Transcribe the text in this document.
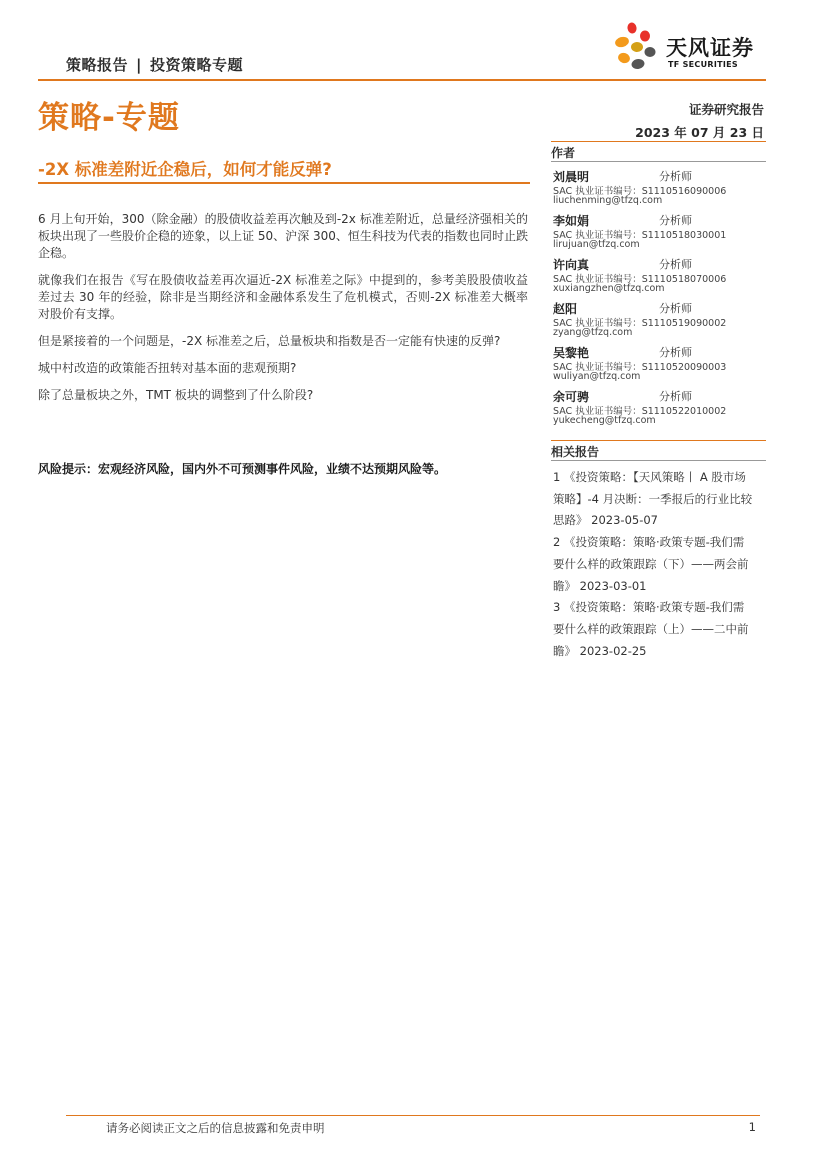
策略报告 | 投资策略专题
天风证券
TF SECURITIES
策略-专题	证券研究报告
2023 年 07 月 23 日
-2X 标准差附近企稳后，如何才能反弹?

6 月上旬开始，300（除金融）的股债收益差再次触及到-2x 标准差附近，总量经济强相关的板块出现了一些股价企稳的迹象，以上证 50、沪深 300、恒生科技为代表的指数也同时止跌企稳。

就像我们在报告《写在股债收益差再次逼近-2X 标准差之际》中提到的，参考美股股债收益差过去 30 年的经验，除非是当期经济和金融体系发生了危机模式，否则-2X 标准差大概率对股价有支撑。

但是紧接着的一个问题是，-2X 标准差之后，总量板块和指数是否一定能有快速的反弹?

城中村改造的政策能否扭转对基本面的悲观预期?

除了总量板块之外，TMT 板块的调整到了什么阶段?

风险提示：宏观经济风险，国内外不可预测事件风险，业绩不达预期风险等。
作者
刘晨明	分析师
SAC 执业证书编号：S1110516090006
liuchenming@tfzq.com
李如娟	分析师
SAC 执业证书编号：S1110518030001
lirujuan@tfzq.com
许向真	分析师
SAC 执业证书编号：S1110518070006
xuxiangzhen@tfzq.com
赵阳	分析师
SAC 执业证书编号：S1110519090002
zyang@tfzq.com
吴黎艳	分析师
SAC 执业证书编号：S1110520090003
wuliyan@tfzq.com
余可骋	分析师
SAC 执业证书编号：S1110522010002
yukecheng@tfzq.com
相关报告
1 《投资策略：【天风策略丨 A 股市场
策略】-4 月决断：一季报后的行业比较
思路》 2023-05-07
2 《投资策略：策略·政策专题-我们需
要什么样的政策跟踪（下）——两会前
瞻》 2023-03-01
3 《投资策略：策略·政策专题-我们需
要什么样的政策跟踪（上）——二中前
瞻》 2023-02-25
请务必阅读正文之后的信息披露和免责申明	1
